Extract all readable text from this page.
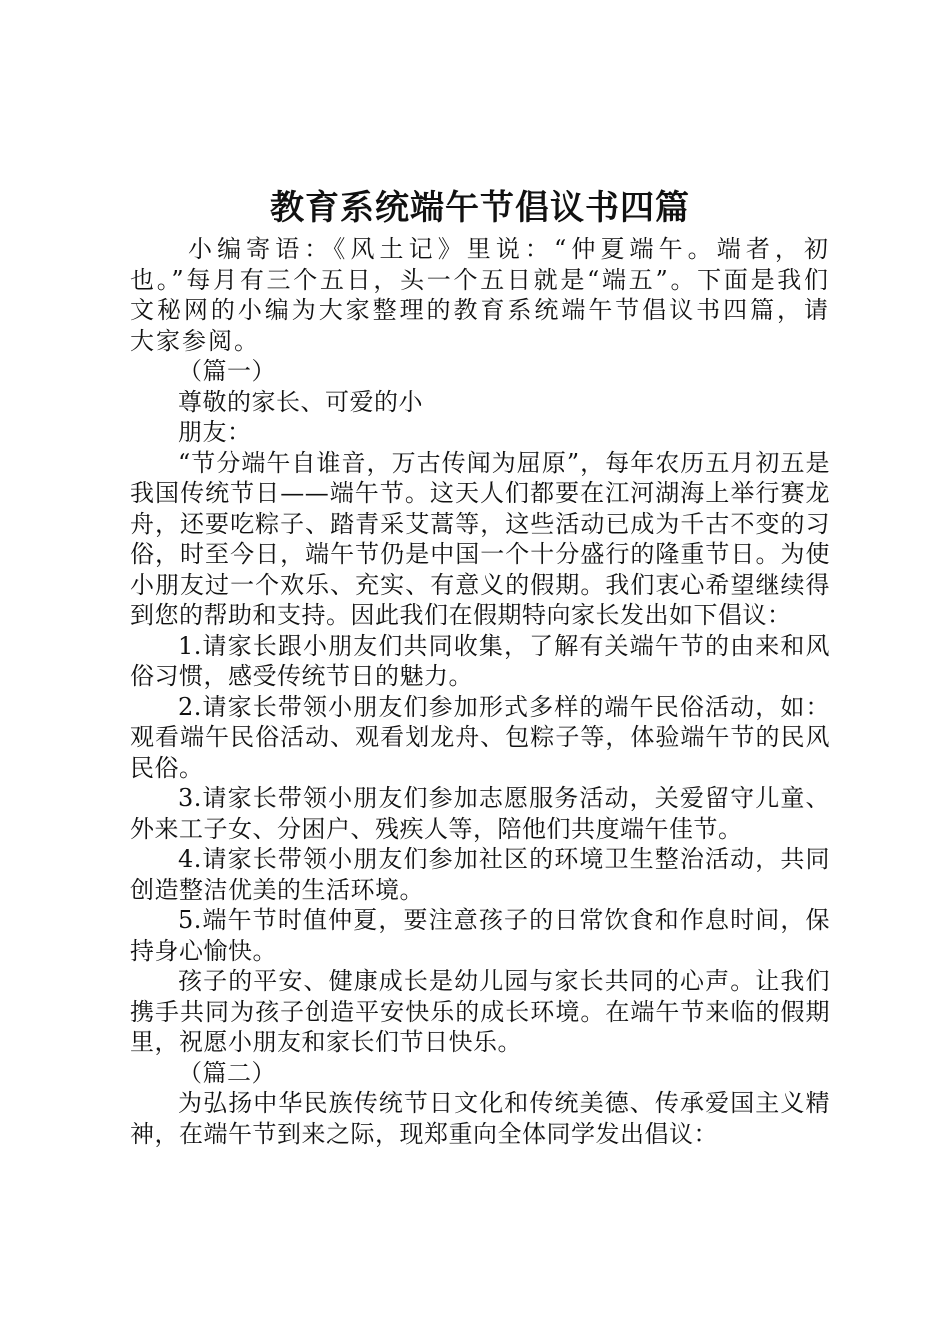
教育系统端午节倡议书四篇

小编寄语：《风土记》里说：“仲夏端午。端者，初也。”每月有三个五日，头一个五日就是“端五”。下面是我们文秘网的小编为大家整理的教育系统端午节倡议书四篇，请大家参阅。

（篇一）

尊敬的家长、可爱的小

朋友：

“节分端午自谁音，万古传闻为屈原”，每年农历五月初五是我国传统节日——端午节。这天人们都要在江河湖海上举行赛龙舟，还要吃粽子、踏青采艾蒿等，这些活动已成为千古不变的习俗，时至今日，端午节仍是中国一个十分盛行的隆重节日。为使小朋友过一个欢乐、充实、有意义的假期。我们衷心希望继续得到您的帮助和支持。因此我们在假期特向家长发出如下倡议：

1.请家长跟小朋友们共同收集，了解有关端午节的由来和风俗习惯，感受传统节日的魅力。

2.请家长带领小朋友们参加形式多样的端午民俗活动，如：观看端午民俗活动、观看划龙舟、包粽子等，体验端午节的民风民俗。

3.请家长带领小朋友们参加志愿服务活动，关爱留守儿童、外来工子女、分困户、残疾人等，陪他们共度端午佳节。

4.请家长带领小朋友们参加社区的环境卫生整治活动，共同创造整洁优美的生活环境。

5.端午节时值仲夏，要注意孩子的日常饮食和作息时间，保持身心愉快。

孩子的平安、健康成长是幼儿园与家长共同的心声。让我们携手共同为孩子创造平安快乐的成长环境。在端午节来临的假期里，祝愿小朋友和家长们节日快乐。

（篇二）

为弘扬中华民族传统节日文化和传统美德、传承爱国主义精神，在端午节到来之际，现郑重向全体同学发出倡议：
